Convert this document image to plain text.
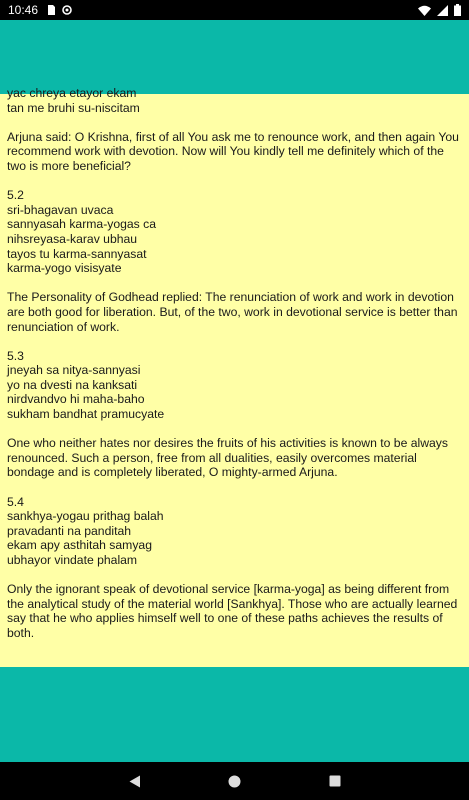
10:46

yac chreya etayor ekam
tan me bruhi su-niscitam

Arjuna said: O Krishna, first of all You ask me to renounce work, and then again You recommend work with devotion. Now will You kindly tell me definitely which of the two is more beneficial?

5.2
sri-bhagavan uvaca
sannyasah karma-yogas ca
nihsreyasa-karav ubhau
tayos tu karma-sannyasat
karma-yogo visisyate

The Personality of Godhead replied: The renunciation of work and work in devotion are both good for liberation. But, of the two, work in devotional service is better than renunciation of work.

5.3
jneyah sa nitya-sannyasi
yo na dvesti na kanksati
nirdvandvo hi maha-baho
sukham bandhat pramucyate

One who neither hates nor desires the fruits of his activities is known to be always renounced. Such a person, free from all dualities, easily overcomes material bondage and is completely liberated, O mighty-armed Arjuna.

5.4
sankhya-yogau prithag balah
pravadanti na panditah
ekam apy asthitah samyag
ubhayor vindate phalam

Only the ignorant speak of devotional service [karma-yoga] as being different from the analytical study of the material world [Sankhya]. Those who are actually learned say that he who applies himself well to one of these paths achieves the results of both.
